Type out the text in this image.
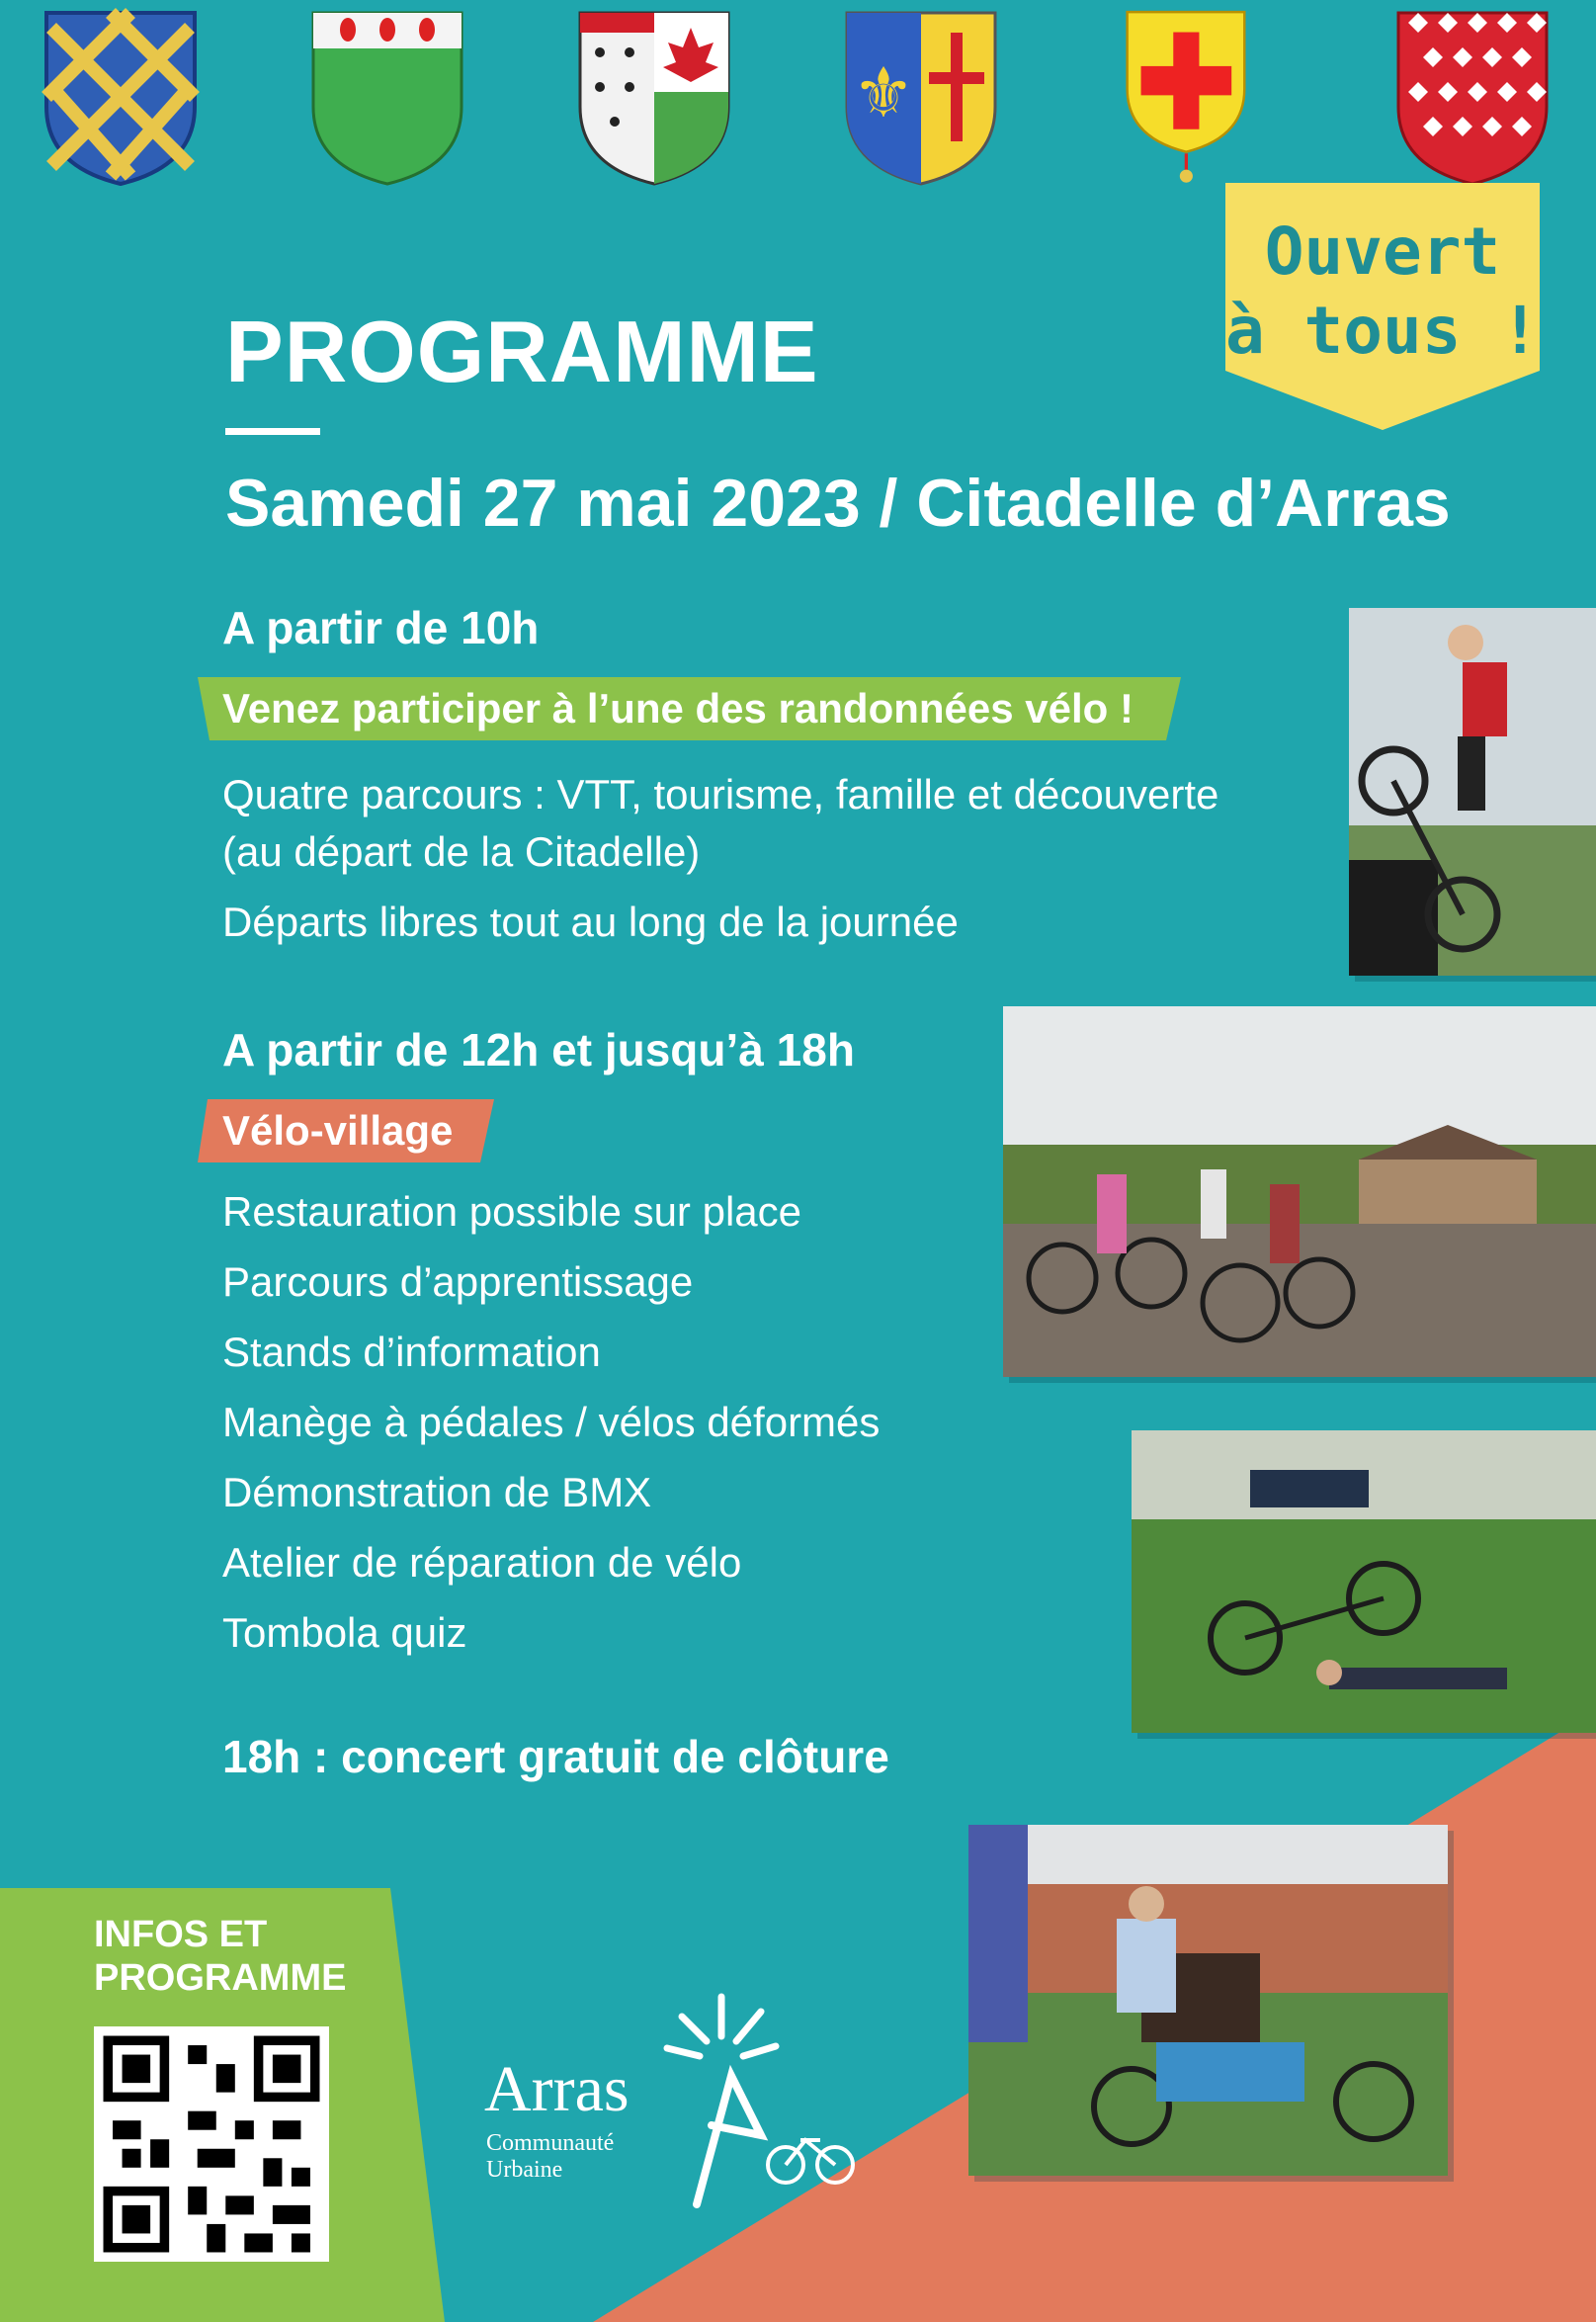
⚜
Ouvert
à tous !
PROGRAMME
Samedi 27 mai 2023 / Citadelle d’Arras
A partir de 10h
Venez participer à l’une des randonnées vélo !
Quatre parcours : VTT, tourisme, famille et découverte
(au départ de la Citadelle)
Départs libres tout au long de la journée
A partir de 12h et jusqu’à 18h
Vélo-village
Restauration possible sur place
Parcours d’apprentissage
Stands d’information
Manège à pédales / vélos déformés
Démonstration de BMX
Atelier de réparation de vélo
Tombola quiz
18h : concert gratuit de clôture
INFOS ET
PROGRAMME
Arras
Communauté
Urbaine
